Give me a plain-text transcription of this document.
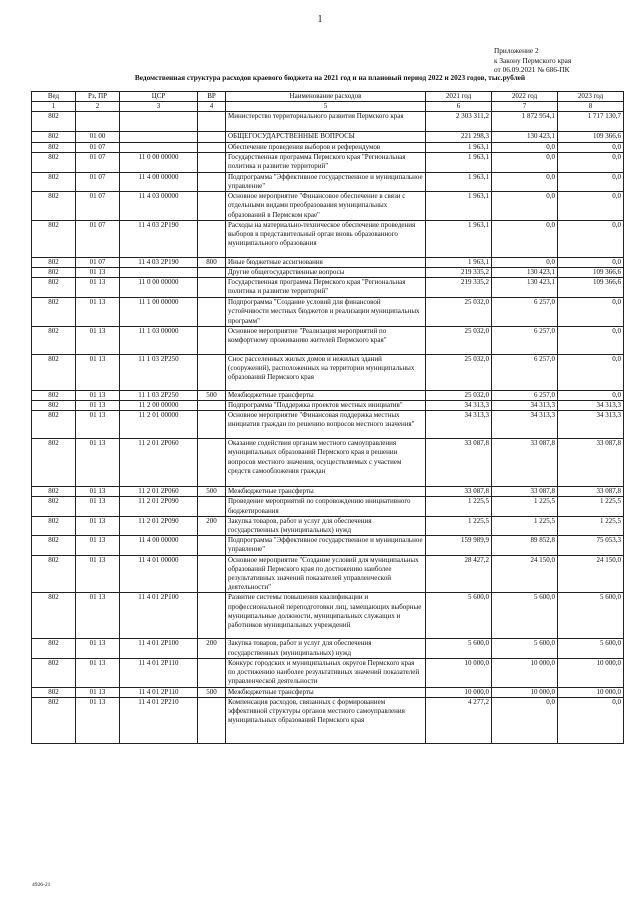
1
Приложение 2
к Закону Пермского края
от 06.09.2021 № 686-ПК
Ведомственная структура расходов краевого бюджета на 2021 год и на плановый период 2022 и 2023 годов, тыс.рублей
Вед	Рз, ПР	ЦСР	ВР	Наименование расходов	2021 год	2022 год	2023 год
1	2	3	4	5	6	7	8
802				Министерство территориального развития Пермского края	2 303 311,2	1 872 954,1	1 717 130,7
802	01 00			ОБЩЕГОСУДАРСТВЕННЫЕ ВОПРОСЫ	221 298,3	130 423,1	109 366,6
802	01 07			Обеспечение проведения выборов и референдумов	1 963,1	0,0	0,0
802	01 07	11 0 00 00000		Государственная программа Пермского края "Региональная политика и развитие территорий"	1 963,1	0,0	0,0
802	01 07	11 4 00 00000		Подпрограмма "Эффективное государственное и муниципальное управление"	1 963,1	0,0	0,0
802	01 07	11 4 03 00000		Основное мероприятие "Финансовое обеспечение в связи с отдельными видами преобразования муниципальных образований в Пермском крае"	1 963,1	0,0	0,0
802	01 07	11 4 03 2P190		Расходы на материально-техническое обеспечение проведения выборов в представительный орган вновь образованного муниципального образования	1 963,1	0,0	0,0
802	01 07	11 4 03 2P190	800	Иные бюджетные ассигнования	1 963,1	0,0	0,0
802	01 13			Другие общегосударственные вопросы	219 335,2	130 423,1	109 366,6
802	01 13	11 0 00 00000		Государственная программа Пермского края "Региональная политика и развитие территорий"	219 335,2	130 423,1	109 366,6
802	01 13	11 1 00 00000		Подпрограмма "Создание условий для финансовой устойчивости местных бюджетов и реализации муниципальных программ"	25 032,0	6 257,0	0,0
802	01 13	11 1 03 00000		Основное мероприятие "Реализация мероприятий по комфортному проживанию жителей Пермского края"	25 032,0	6 257,0	0,0
802	01 13	11 1 03 2P250		Снос расселенных жилых домов и нежилых зданий (сооружений), расположенных на территории муниципальных образований Пермского края	25 032,0	6 257,0	0,0
802	01 13	11 1 03 2P250	500	Межбюджетные трансферты	25 032,0	6 257,0	0,0
802	01 13	11 2 00 00000		Подпрограмма "Поддержка проектов местных инициатив"	34 313,3	34 313,3	34 313,3
802	01 13	11 2 01 00000		Основное мероприятие "Финансовая поддержка местных инициатив граждан по решению вопросов местного значения"	34 313,3	34 313,3	34 313,3
802	01 13	11 2 01 2P060		Оказание содействия органам местного самоуправления муниципальных образований Пермского края в решении вопросов местного значения, осуществляемых с участием средств самообложения граждан	33 087,8	33 087,8	33 087,8
802	01 13	11 2 01 2P060	500	Межбюджетные трансферты	33 087,8	33 087,8	33 087,8
802	01 13	11 2 01 2P090		Проведение мероприятий по сопровождению инициативного бюджетирования	1 225,5	1 225,5	1 225,5
802	01 13	11 2 01 2P090	200	Закупка товаров, работ и услуг для обеспечения государственных (муниципальных) нужд	1 225,5	1 225,5	1 225,5
802	01 13	11 4 00 00000		Подпрограмма "Эффективное государственное и муниципальное управление"	159 989,9	89 852,8	75 053,3
802	01 13	11 4 01 00000		Основное мероприятие "Создание условий для муниципальных образований Пермского края по достижению наиболее результативных значений показателей управленческой деятельности"	28 427,2	24 150,0	24 150,0
802	01 13	11 4 01 2P100		Развитие системы повышения квалификации и профессиональной переподготовки лиц, замещающих выборные муниципальные должности, муниципальных служащих и работников муниципальных учреждений	5 600,0	5 600,0	5 600,0
802	01 13	11 4 01 2P100	200	Закупка товаров, работ и услуг для обеспечения государственных (муниципальных) нужд	5 600,0	5 600,0	5 600,0
802	01 13	11 4 01 2P110		Конкурс городских и муниципальных округов Пермского края по достижению наиболее результативных значений показателей управленческой деятельности	10 000,0	10 000,0	10 000,0
802	01 13	11 4 01 2P110	500	Межбюджетные трансферты	10 000,0	10 000,0	10 000,0
802	01 13	11 4 01 2P210		Компенсация расходов, связанных с формированием эффективной структуры органов местного самоуправления муниципальных образований Пермского края	4 277,2	0,0	0,0
4926-21
